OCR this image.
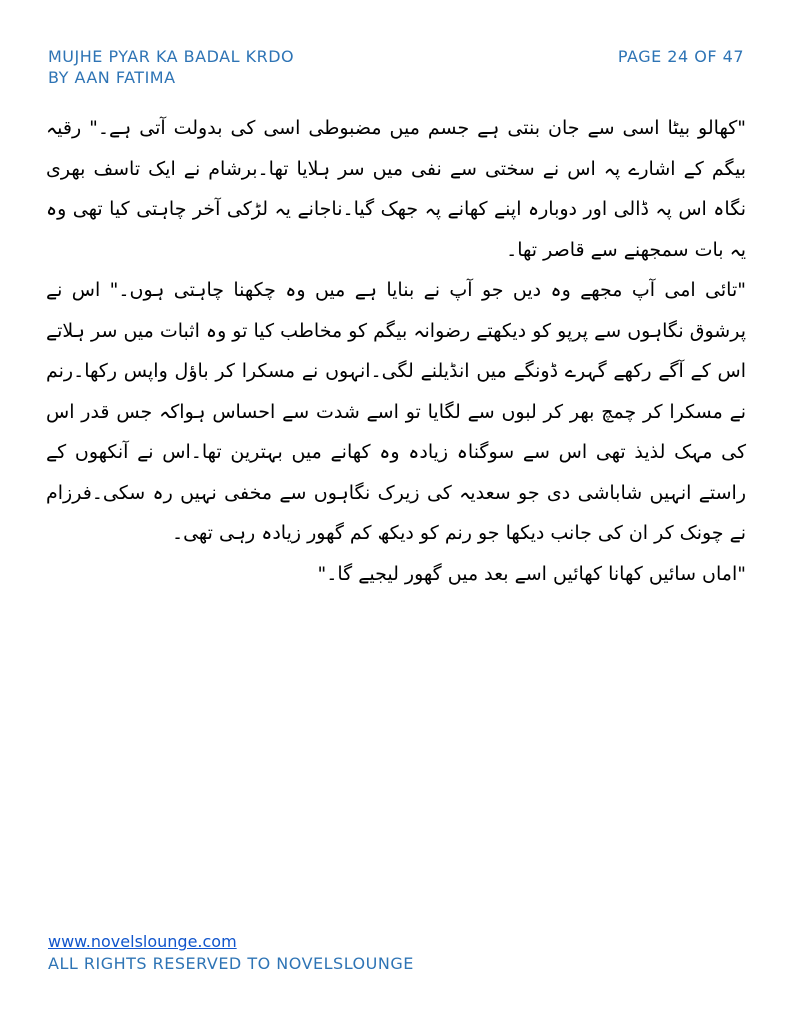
MUJHE PYAR KA BADAL KRDO
BY AAN FATIMA
PAGE 24 OF 47

"کھالو بیٹا اسی سے جان بنتی ہے جسم میں مضبوطی اسی کی بدولت آتی ہے۔" رقیہ بیگم کے اشارے پہ اس نے سختی سے نفی میں سر ہلایا تھا۔برشام نے ایک تاسف بھری نگاہ اس پہ ڈالی اور دوبارہ اپنے کھانے پہ جھک گیا۔ناجانے یہ لڑکی آخر چاہتی کیا تھی وہ یہ بات سمجھنے سے قاصر تھا۔

"تائی امی آپ مجھے وہ دیں جو آپ نے بنایا ہے میں وہ چکھنا چاہتی ہوں۔" اس نے پرشوق نگاہوں سے پرپو کو دیکھتے رضوانہ بیگم کو مخاطب کیا تو وہ اثبات میں سر ہلاتے اس کے آگے رکھے گہرے ڈونگے میں انڈیلنے لگی۔انہوں نے مسکرا کر باؤل واپس رکھا۔رنم نے مسکرا کر چمچ بھر کر لبوں سے لگایا تو اسے شدت سے احساس ہواکہ جس قدر اس کی مہک لذیذ تھی اس سے سوگناہ زیادہ وہ کھانے میں بہترین تھا۔اس نے آنکھوں کے راستے انہیں شاباشی دی جو سعدیہ کی زیرک نگاہوں سے مخفی نہیں رہ سکی۔فرزام نے چونک کر ان کی جانب دیکھا جو رنم کو دیکھ کم گھور زیادہ رہی تھی۔

"اماں سائیں کھانا کھائیں اسے بعد میں گھور لیجیے گا۔"

www.novelslounge.com
ALL RIGHTS RESERVED TO NOVELSLOUNGE
